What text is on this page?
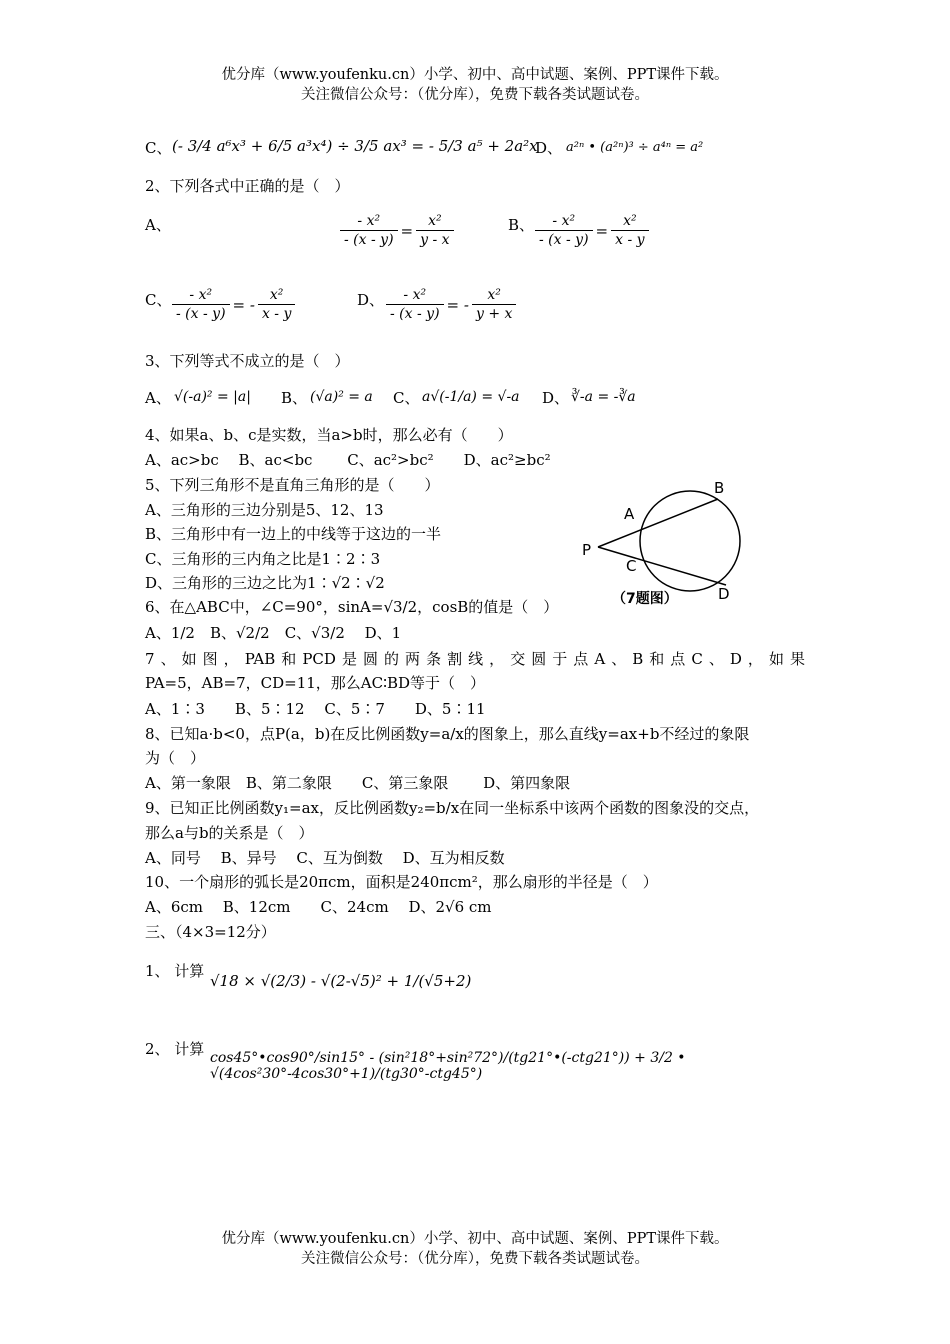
优分库（www.youfenku.cn）小学、初中、高中试题、案例、PPT课件下载。
关注微信公众号：（优分库），免费下载各类试题试卷。
C、 (- 3/4 a⁶x³ + 6/5 a³x⁴) ÷ 3/5 ax³ = - 5/3 a⁵ + 2a²x
D、 a²ⁿ • (a²ⁿ)³ ÷ a⁴ⁿ = a²
2、下列各式中正确的是（　）
A、	$\frac{\text{- x²}}{- (x - y)} = \frac{\text{x²}}{y - x}$	B、 $\frac{\text{- x²}}{- (x - y)} = \frac{\text{x²}}{x - y}$
C、 $\frac{\text{- x²}}{- (x - y)}$ = - $\frac{\text{x²}}{x - y}$	D、 $\frac{\text{- x²}}{- (x - y)}$ = - $\frac{\text{x²}}{y + x}$
3、下列等式不成立的是（　）
A、 √(-a)² = |a| B、 (√a)² = a C、 a√(-1/a) = √-a D、 ∛-a = -∛a
4、如果a、b、c是实数，当a>b时，那么必有（　　）
A、ac>bc　 B、ac<bc　　 C、ac²>bc²　　D、ac²≥bc²
5、下列三角形不是直角三角形的是（　　）
A、三角形的三边分别是5、12、13
B、三角形中有一边上的中线等于这边的一半
C、三角形的三内角之比是1∶2∶3
D、三角形的三边之比为1∶√2∶√2
A
B
C
D
P
（7题图）
6、在△ABC中，∠C=90°，sinA=√3/2，cosB的值是（　）
A、1/2　B、√2/2　C、√3/2　 D、1
7、如图，PAB和PCD是圆的两条割线，交圆于点A、B和点C、D，如果
PA=5，AB=7，CD=11，那么AC∶BD等于（　）
A、1∶3　　B、5∶12　 C、5∶7　　D、5∶11
8、已知a·b<0，点P(a，b)在反比例函数y=a/x的图象上，那么直线y=ax+b不经过的象限
为（　）
A、第一象限　B、第二象限　　C、第三象限　　 D、第四象限
9、已知正比例函数y₁=ax，反比例函数y₂=b/x在同一坐标系中该两个函数的图象没的交点，
那么a与b的关系是（　）
A、同号　 B、异号　 C、互为倒数　 D、互为相反数
10、一个扇形的弧长是20πcm，面积是240πcm²，那么扇形的半径是（　）
A、6cm　 B、12cm　　C、24cm　 D、2√6 cm
三、（4×3=12分）
1、 计算
√18 × √(2/3) - √(2-√5)² + 1/(√5+2)
2、 计算 cos45°•cos90°/sin15° - (sin²18°+sin²72°)/(tg21°•(-ctg21°)) + 3/2 • √(4cos²30°-4cos30°+1)/(tg30°-ctg45°)
优分库（www.youfenku.cn）小学、初中、高中试题、案例、PPT课件下载。
关注微信公众号：（优分库），免费下载各类试题试卷。
